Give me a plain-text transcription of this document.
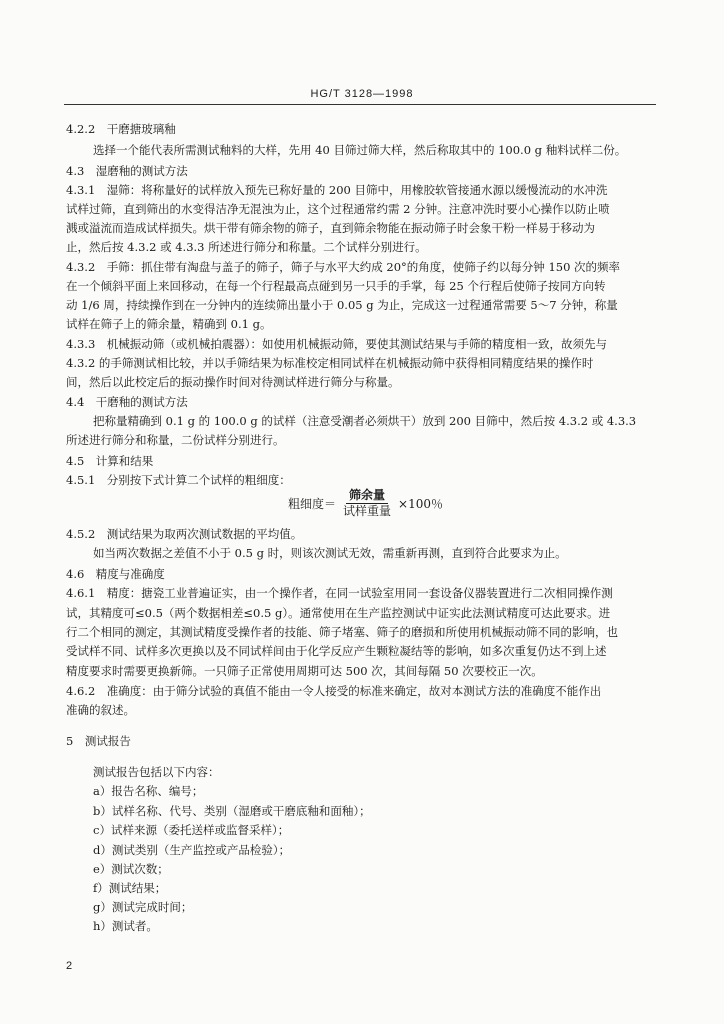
HG/T 3128—1998
4.2.2　干磨搪玻璃釉
选择一个能代表所需测试釉料的大样，先用 40 目筛过筛大样，然后称取其中的 100.0 g 釉料试样二份。
4.3　湿磨釉的测试方法
4.3.1　湿筛：将称量好的试样放入预先已称好量的 200 目筛中，用橡胶软管接通水源以缓慢流动的水冲洗
试样过筛，直到筛出的水变得洁净无混浊为止，这个过程通常约需 2 分钟。注意冲洗时要小心操作以防止喷
溅或溢流而造成试样损失。烘干带有筛余物的筛子，直到筛余物能在振动筛子时会象干粉一样易于移动为
止，然后按 4.3.2 或 4.3.3 所述进行筛分和称量。二个试样分别进行。
4.3.2　手筛：抓住带有淘盘与盖子的筛子，筛子与水平大约成 20°的角度，使筛子约以每分钟 150 次的频率
在一个倾斜平面上来回移动，在每一个行程最高点碰到另一只手的手掌，每 25 个行程后使筛子按同方向转
动 1/6 周，持续操作到在一分钟内的连续筛出量小于 0.05 g 为止，完成这一过程通常需要 5～7 分钟，称量
试样在筛子上的筛余量，精确到 0.1 g。
4.3.3　机械振动筛（或机械拍震器）：如使用机械振动筛，要使其测试结果与手筛的精度相一致，故须先与
4.3.2 的手筛测试相比较，并以手筛结果为标准校定相同试样在机械振动筛中获得相同精度结果的操作时
间，然后以此校定后的振动操作时间对待测试样进行筛分与称量。
4.4　干磨釉的测试方法
把称量精确到 0.1 g 的 100.0 g 的试样（注意受潮者必须烘干）放到 200 目筛中，然后按 4.3.2 或 4.3.3
所述进行筛分和称量，二份试样分别进行。
4.5　计算和结果
4.5.1　分别按下式计算二个试样的粗细度：
粗细度＝ $\frac{\text{筛余量}}{\text{试样重量}} \times 100$％
4.5.2　测试结果为取两次测试数据的平均值。
如当两次数据之差值不小于 0.5 g 时，则该次测试无效，需重新再测，直到符合此要求为止。
4.6　精度与准确度
4.6.1　精度：搪瓷工业普遍证实，由一个操作者，在同一试验室用同一套设备仪器装置进行二次相同操作测
试，其精度可≤0.5（两个数据相差≤0.5 g）。通常使用在生产监控测试中证实此法测试精度可达此要求。进
行二个相同的测定，其测试精度受操作者的技能、筛子堵塞、筛子的磨损和所使用机械振动筛不同的影响，也
受试样不同、试样多次更换以及不同试样间由于化学反应产生颗粒凝结等的影响，如多次重复仍达不到上述
精度要求时需要更换新筛。一只筛子正常使用周期可达 500 次，其间每隔 50 次要校正一次。
4.6.2　准确度：由于筛分试验的真值不能由一令人接受的标准来确定，故对本测试方法的准确度不能作出
准确的叙述。
5　测试报告
测试报告包括以下内容：
a）报告名称、编号；
b）试样名称、代号、类别（湿磨或干磨底釉和面釉）；
c）试样来源（委托送样或监督采样）；
d）测试类别（生产监控或产品检验）；
e）测试次数；
f）测试结果；
g）测试完成时间；
h）测试者。
2
